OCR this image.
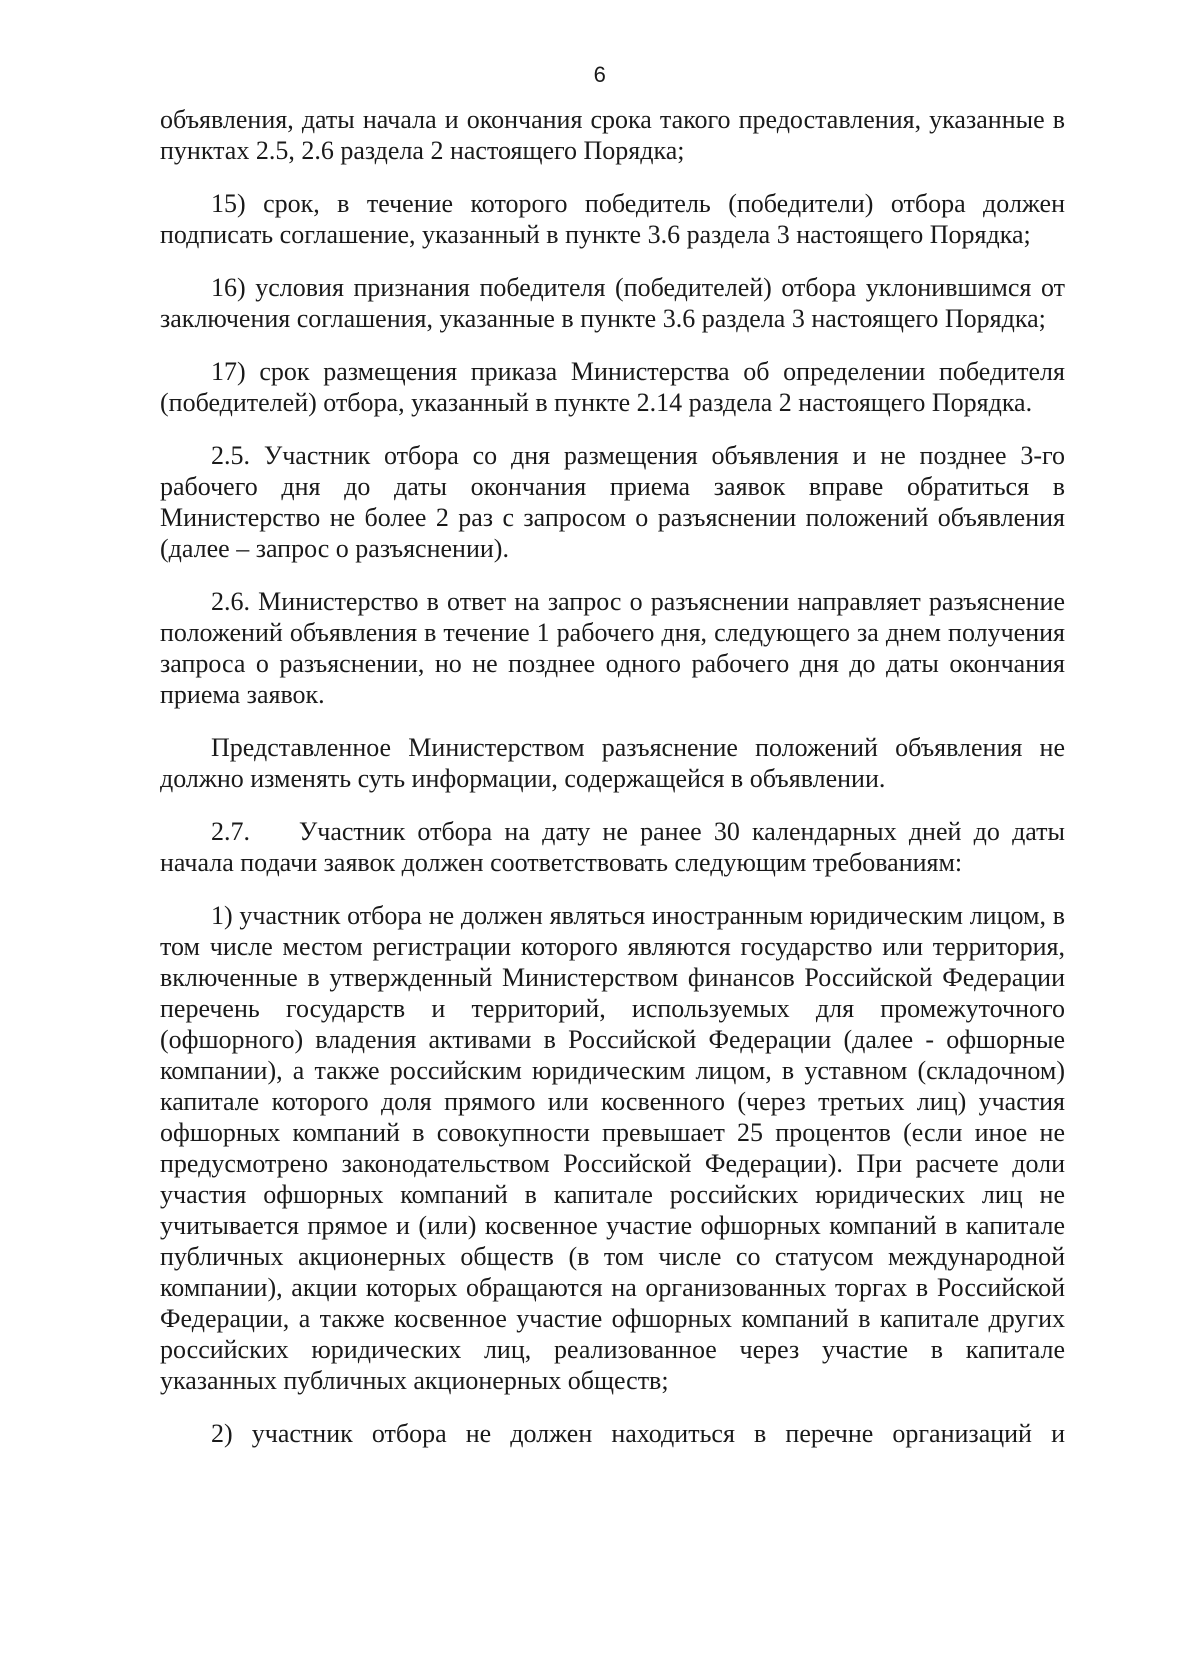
6

объявления, даты начала и окончания срока такого предоставления, указанные в пунктах 2.5, 2.6 раздела 2 настоящего Порядка;

15) срок, в течение которого победитель (победители) отбора должен подписать соглашение, указанный в пункте 3.6 раздела 3 настоящего Порядка;

16) условия признания победителя (победителей) отбора уклонившимся от заключения соглашения, указанные в пункте 3.6 раздела 3 настоящего Порядка;

17) срок размещения приказа Министерства об определении победителя (победителей) отбора, указанный в пункте 2.14 раздела 2 настоящего Порядка.

2.5. Участник отбора со дня размещения объявления и не позднее 3-го рабочего дня до даты окончания приема заявок вправе обратиться в Министерство не более 2 раз с запросом о разъяснении положений объявления (далее – запрос о разъяснении).

2.6. Министерство в ответ на запрос о разъяснении направляет разъяснение положений объявления в течение 1 рабочего дня, следующего за днем получения запроса о разъяснении, но не позднее одного рабочего дня до даты окончания приема заявок.

Представленное Министерством разъяснение положений объявления не должно изменять суть информации, содержащейся в объявлении.

2.7.    Участник отбора на дату не ранее 30 календарных дней до даты начала подачи заявок должен соответствовать следующим требованиям:

1) участник отбора не должен являться иностранным юридическим лицом, в том числе местом регистрации которого являются государство или территория, включенные в утвержденный Министерством финансов Российской Федерации перечень государств и территорий, используемых для промежуточного (офшорного) владения активами в Российской Федерации (далее - офшорные компании), а также российским юридическим лицом, в уставном (складочном) капитале которого доля прямого или косвенного (через третьих лиц) участия офшорных компаний в совокупности превышает 25 процентов (если иное не предусмотрено законодательством Российской Федерации). При расчете доли участия офшорных компаний в капитале российских юридических лиц не учитывается прямое и (или) косвенное участие офшорных компаний в капитале публичных акционерных обществ (в том числе со статусом международной компании), акции которых обращаются на организованных торгах в Российской Федерации, а также косвенное участие офшорных компаний в капитале других российских юридических лиц, реализованное через участие в капитале указанных публичных акционерных обществ;

2) участник отбора не должен находиться в перечне организаций и
